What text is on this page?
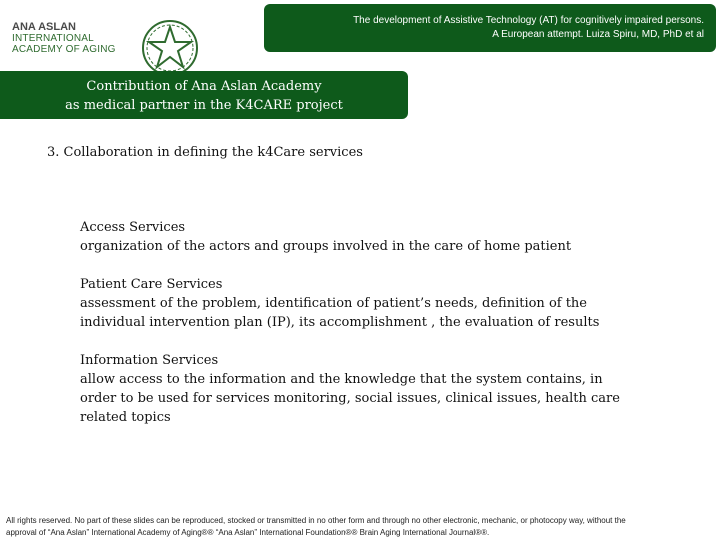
ANA ASLAN
INTERNATIONAL
ACADEMY OF AGING
The development of Assistive Technology (AT) for cognitively impaired persons.
A European attempt. Luiza Spiru, MD, PhD et al
Contribution of Ana Aslan Academy
as medical partner in the K4CARE project
3. Collaboration in defining the k4Care services
Access Services
organization of the actors and groups involved in the care of home patient
Patient Care Services
assessment of the problem, identification of patient’s needs, definition of the
individual intervention plan (IP), its accomplishment , the evaluation of results
Information Services
allow access to the information and the knowledge that the system contains, in
order to be used for services monitoring, social issues, clinical issues, health care
related topics
All rights reserved. No part of these slides can be reproduced, stocked or transmitted in no other form and through no other electronic, mechanic, or photocopy way, without the
approval of “Ana Aslan” International Academy of Aging®® “Ana Aslan” International Foundation®® Brain Aging International Journal®®.
